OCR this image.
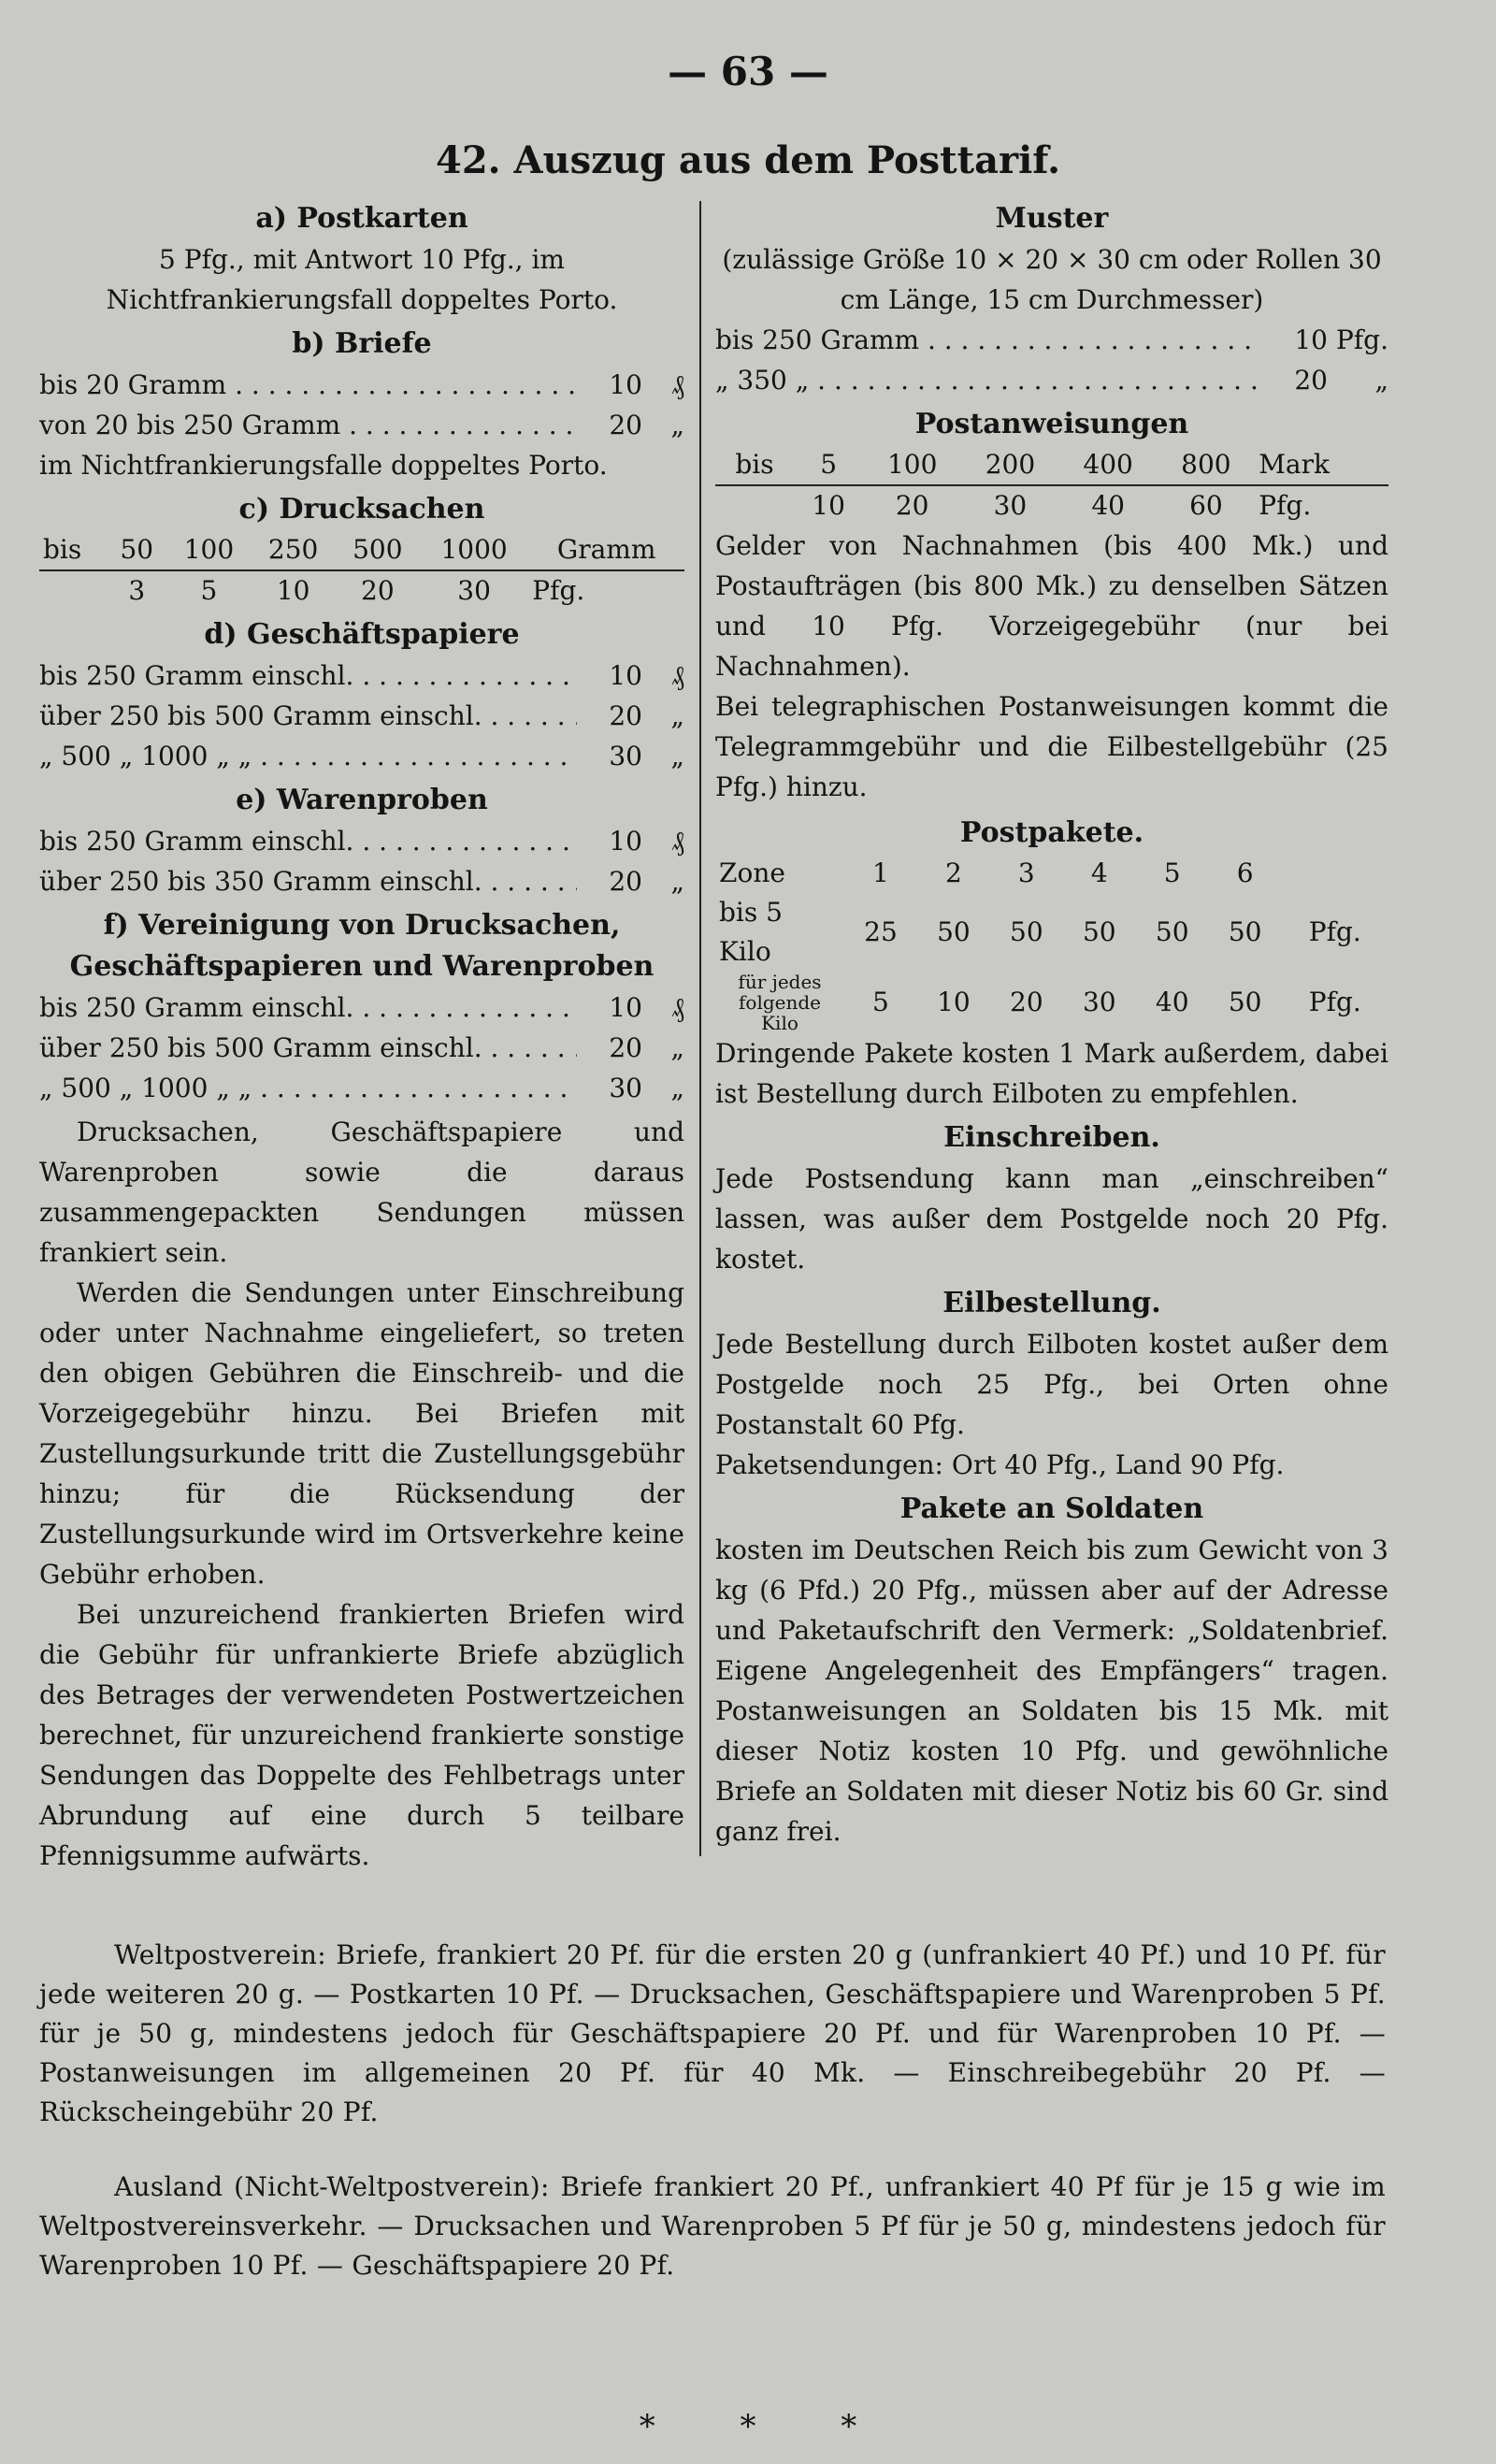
— 63 —
42. Auszug aus dem Posttarif.
a) Postkarten
5 Pfg., mit Antwort 10 Pfg., im Nichtfrankierungsfall doppeltes Porto.
b) Briefe
bis 20 Gramm . . .	10	₰
von 20 bis 250 Gramm . . .	20	„
im Nichtfrankierungsfalle doppeltes Porto.
c) Drucksachen
bis	50	100	250	500	1000	Gramm
	3	5	10	20	30	Pfg.
d) Geschäftspapiere
bis 250 Gramm einschl. . . .	10	₰
über 250 bis 500 Gramm einschl. . . .	20	„
„ 500 „ 1000 „ „ . . .	30	„
e) Warenproben
bis 250 Gramm einschl. . . .	10	₰
über 250 bis 350 Gramm einschl. . . .	20	„
f) Vereinigung von Drucksachen,
Geschäftspapieren und Warenproben
bis 250 Gramm einschl. . . .	10	₰
über 250 bis 500 Gramm einschl. . . .	20	„
„ 500 „ 1000 „ „ . . .	30	„
Drucksachen, Geschäftspapiere und Warenproben sowie die daraus zusammengepackten Sendungen müssen frankiert sein.
Werden die Sendungen unter Einschreibung oder unter Nachnahme eingeliefert, so treten den obigen Gebühren die Einschreib- und die Vorzeigegebühr hinzu. Bei Briefen mit Zustellungsurkunde tritt die Zustellungsgebühr hinzu; für die Rücksendung der Zustellungsurkunde wird im Ortsverkehre keine Gebühr erhoben.
Bei unzureichend frankierten Briefen wird die Gebühr für unfrankierte Briefe abzüglich des Betrages der verwendeten Postwertzeichen berechnet, für unzureichend frankierte sonstige Sendungen das Doppelte des Fehlbetrags unter Abrundung auf eine durch 5 teilbare Pfennigsumme aufwärts.
Muster
(zulässige Größe 10 × 20 × 30 cm oder Rollen 30 cm Länge, 15 cm Durchmesser)
bis 250 Gramm . . .	10 Pfg.
„ 350 „ . . .	20	„
Postanweisungen
bis	5	100	200	400	800	Mark
	10	20	30	40	60	Pfg.
Gelder von Nachnahmen (bis 400 Mk.) und Postaufträgen (bis 800 Mk.) zu denselben Sätzen und 10 Pfg. Vorzeigegebühr (nur bei Nachnahmen).
Bei telegraphischen Postanweisungen kommt die Telegrammgebühr und die Eilbestellgebühr (25 Pfg.) hinzu.
Postpakete.
Zone	1	2	3	4	5	6	
bis 5 Kilo	25	50	50	50	50	50	Pfg.
für jedes folgende Kilo	5	10	20	30	40	50	Pfg.
Dringende Pakete kosten 1 Mark außerdem, dabei ist Bestellung durch Eilboten zu empfehlen.
Einschreiben.
Jede Postsendung kann man „einschreiben“ lassen, was außer dem Postgelde noch 20 Pfg. kostet.
Eilbestellung.
Jede Bestellung durch Eilboten kostet außer dem Postgelde noch 25 Pfg., bei Orten ohne Postanstalt 60 Pfg.
Paketsendungen: Ort 40 Pfg., Land 90 Pfg.
Pakete an Soldaten
kosten im Deutschen Reich bis zum Gewicht von 3 kg (6 Pfd.) 20 Pfg., müssen aber auf der Adresse und Paketaufschrift den Vermerk: „Soldatenbrief. Eigene Angelegenheit des Empfängers“ tragen. Postanweisungen an Soldaten bis 15 Mk. mit dieser Notiz kosten 10 Pfg. und gewöhnliche Briefe an Soldaten mit dieser Notiz bis 60 Gr. sind ganz frei.
Weltpostverein: Briefe, frankiert 20 Pf. für die ersten 20 g (unfrankiert 40 Pf.) und 10 Pf. für jede weiteren 20 g. — Postkarten 10 Pf. — Drucksachen, Geschäftspapiere und Warenproben 5 Pf. für je 50 g, mindestens jedoch für Geschäftspapiere 20 Pf. und für Warenproben 10 Pf. — Postanweisungen im allgemeinen 20 Pf. für 40 Mk. — Einschreibegebühr 20 Pf. — Rückscheingebühr 20 Pf.
Ausland (Nicht-Weltpostverein): Briefe frankiert 20 Pf., unfrankiert 40 Pf für je 15 g wie im Weltpostvereinsverkehr. — Drucksachen und Warenproben 5 Pf für je 50 g, mindestens jedoch für Warenproben 10 Pf. — Geschäftspapiere 20 Pf.
* * *
